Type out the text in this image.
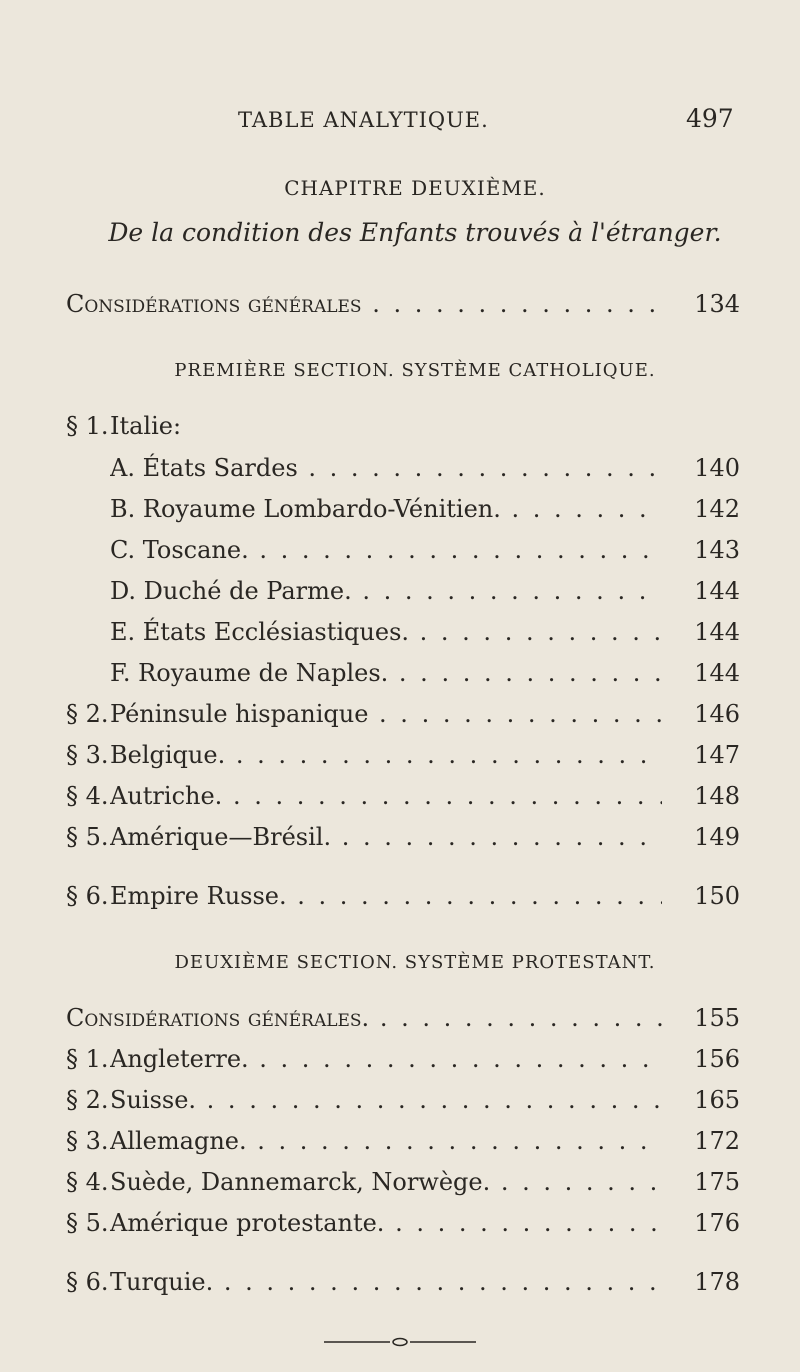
TABLE ANALYTIQUE.	497
CHAPITRE DEUXIÈME.
De la condition des Enfants trouvés à l'étranger.
Considérations générales . . .	134
PREMIÈRE SECTION. SYSTÈME CATHOLIQUE.
§ 1. Italie:
A. États Sardes . . .	140
B. Royaume Lombardo-Vénitien. . . .	142
C. Toscane. . . .	143
D. Duché de Parme. . . .	144
E. États Ecclésiastiques. . . .	144
F. Royaume de Naples. . . .	144
§ 2. Péninsule hispanique . . .	146
§ 3. Belgique. . . .	147
§ 4. Autriche. . . .	148
§ 5. Amérique—Brésil. . . .	149
§ 6. Empire Russe. . . .	150
DEUXIÈME SECTION. SYSTÈME PROTESTANT.
Considérations générales. . . .	155
§ 1. Angleterre. . . .	156
§ 2. Suisse. . . .	165
§ 3. Allemagne. . . .	172
§ 4. Suède, Dannemarck, Norwège. . . .	175
§ 5. Amérique protestante. . . .	176
§ 6. Turquie. . . .	178
